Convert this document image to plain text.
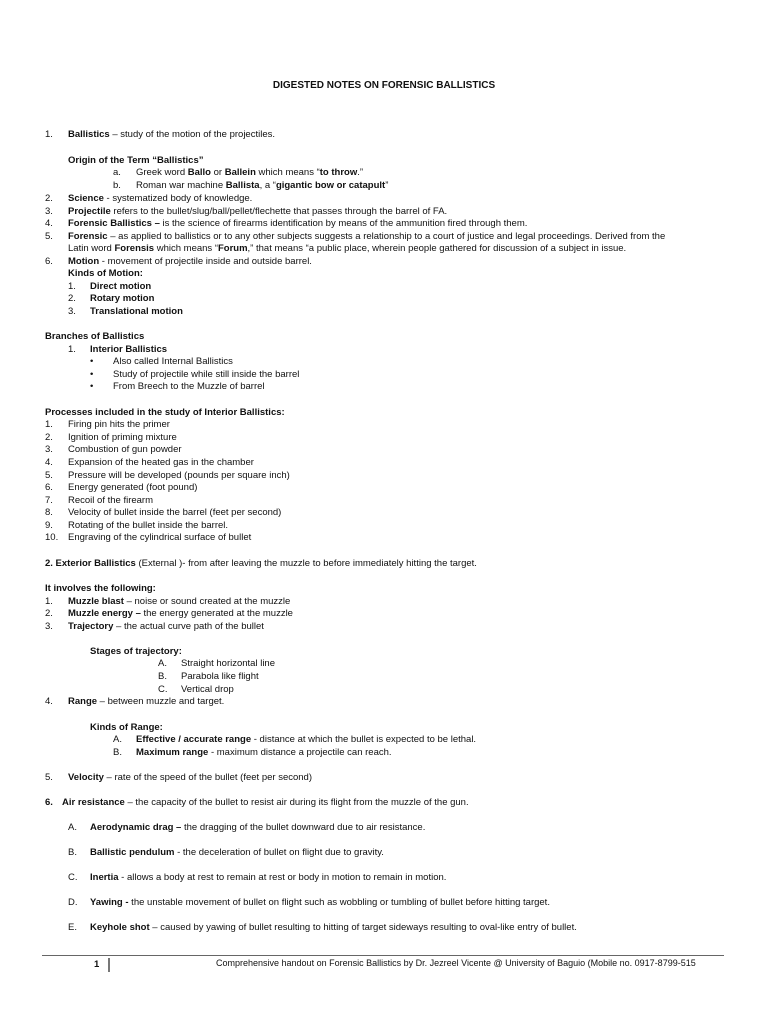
DIGESTED NOTES ON FORENSIC BALLISTICS
1. Ballistics – study of the motion of the projectiles.
Origin of the Term “Ballistics”
a. Greek word Ballo or Ballein which means “to throw.”
b. Roman war machine Ballista, a “gigantic bow or catapult”
2. Science - systematized body of knowledge.
3. Projectile refers to the bullet/slug/ball/pellet/flechette that passes through the barrel of FA.
4. Forensic Ballistics – is the science of firearms identification by means of the ammunition fired through them.
5. Forensic – as applied to ballistics or to any other subjects suggests a relationship to a court of justice and legal proceedings. Derived from the
Latin word Forensis which means “Forum,” that means “a public place, wherein people gathered for discussion of a subject in issue.
6. Motion - movement of projectile inside and outside barrel.
Kinds of Motion:
1. Direct motion
2. Rotary motion
3. Translational motion
Branches of Ballistics
1. Interior Ballistics
• Also called Internal Ballistics
• Study of projectile while still inside the barrel
• From Breech to the Muzzle of barrel
Processes included in the study of Interior Ballistics:
1. Firing pin hits the primer
2. Ignition of priming mixture
3. Combustion of gun powder
4. Expansion of the heated gas in the chamber
5. Pressure will be developed (pounds per square inch)
6. Energy generated (foot pound)
7. Recoil of the firearm
8. Velocity of bullet inside the barrel (feet per second)
9. Rotating of the bullet inside the barrel.
10. Engraving of the cylindrical surface of bullet
2. Exterior Ballistics (External )- from after leaving the muzzle to before immediately hitting the target.
It involves the following:
1. Muzzle blast – noise or sound created at the muzzle
2. Muzzle energy – the energy generated at the muzzle
3. Trajectory – the actual curve path of the bullet
Stages of trajectory:
A. Straight horizontal line
B. Parabola like flight
C. Vertical drop
4. Range – between muzzle and target.
Kinds of Range:
A. Effective / accurate range - distance at which the bullet is expected to be lethal.
B. Maximum range - maximum distance a projectile can reach.
5. Velocity – rate of the speed of the bullet (feet per second)
6. Air resistance – the capacity of the bullet to resist air during its flight from the muzzle of the gun.
A. Aerodynamic drag – the dragging of the bullet downward due to air resistance.
B. Ballistic pendulum - the deceleration of bullet on flight due to gravity.
C. Inertia - allows a body at rest to remain at rest or body in motion to remain in motion.
D. Yawing - the unstable movement of bullet on flight such as wobbling or tumbling of bullet before hitting target.
E. Keyhole shot – caused by yawing of bullet resulting to hitting of target sideways resulting to oval-like entry of bullet.
1	Comprehensive handout on Forensic Ballistics by Dr. Jezreel Vicente @ University of Baguio (Mobile no. 0917-8799-515
